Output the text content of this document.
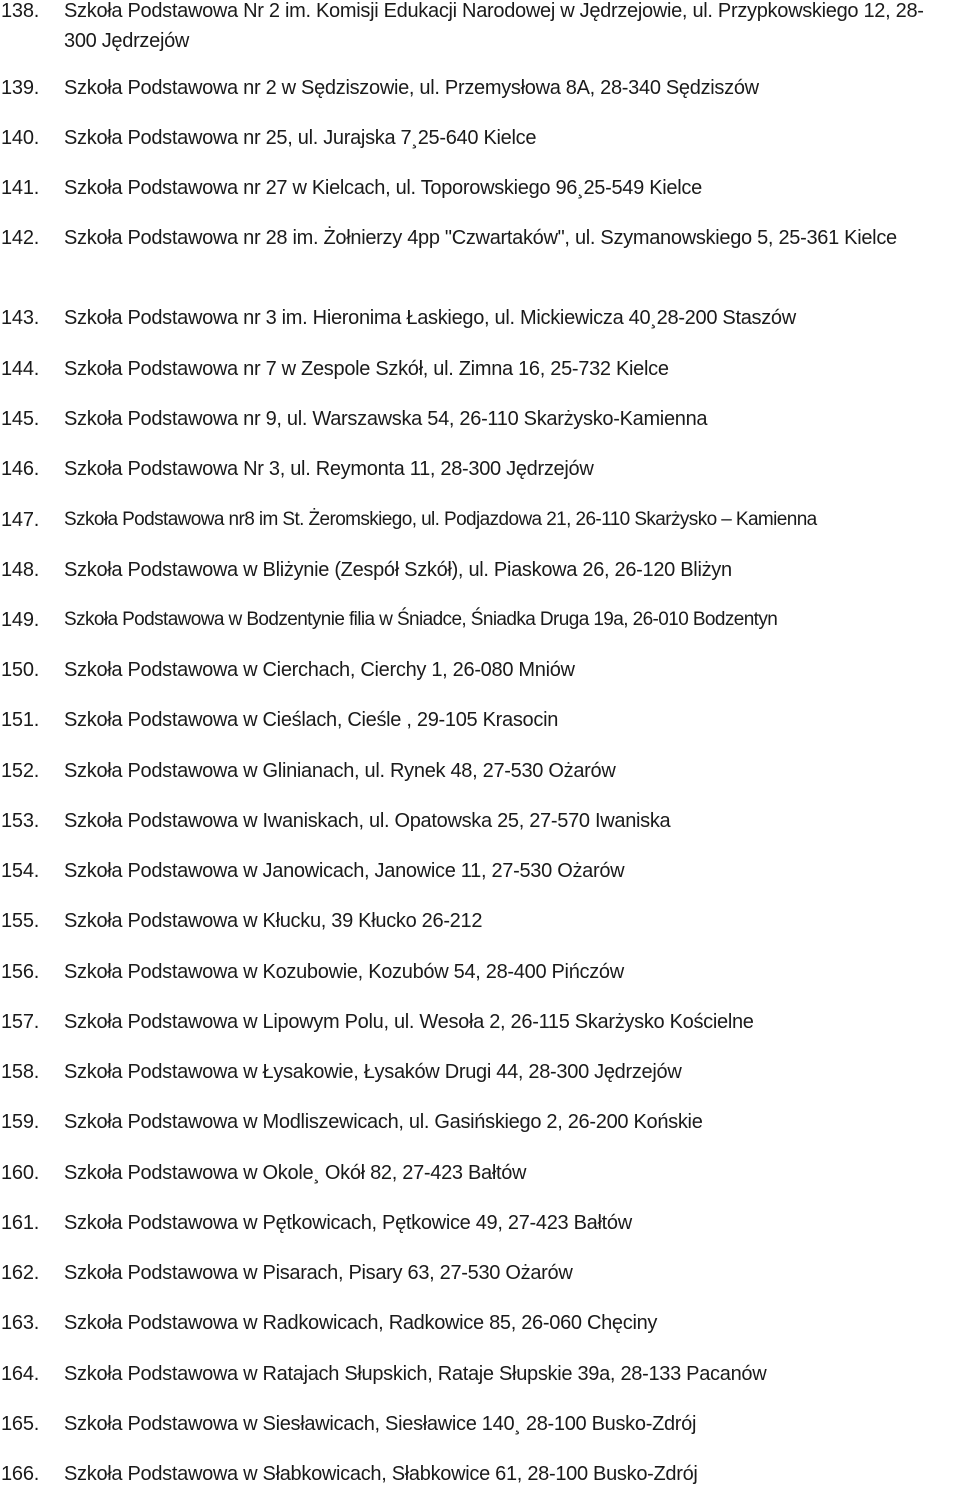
138.	Szkoła Podstawowa Nr 2 im. Komisji Edukacji Narodowej w Jędrzejowie, ul. Przypkowskiego 12, 28-300 Jędrzejów
139.	Szkoła Podstawowa nr 2 w Sędziszowie, ul. Przemysłowa 8A, 28-340 Sędziszów
140.	Szkoła Podstawowa nr 25, ul. Jurajska 7¸25-640 Kielce
141.	Szkoła Podstawowa nr 27 w Kielcach, ul. Toporowskiego 96¸25-549 Kielce
142.	Szkoła Podstawowa nr 28 im. Żołnierzy 4pp "Czwartaków", ul. Szymanowskiego 5, 25-361 Kielce
143.	Szkoła Podstawowa nr 3 im. Hieronima Łaskiego, ul. Mickiewicza 40¸28-200 Staszów
144.	Szkoła Podstawowa nr 7 w Zespole Szkół, ul. Zimna 16, 25-732 Kielce
145.	Szkoła Podstawowa nr 9, ul. Warszawska 54, 26-110 Skarżysko-Kamienna
146.	Szkoła Podstawowa Nr 3, ul. Reymonta 11, 28-300 Jędrzejów
147.	Szkoła Podstawowa nr8 im St. Żeromskiego, ul. Podjazdowa 21, 26-110 Skarżysko – Kamienna
148.	Szkoła Podstawowa w Bliżynie (Zespół Szkół), ul. Piaskowa 26, 26-120 Bliżyn
149.	Szkoła Podstawowa w Bodzentynie filia w Śniadce, Śniadka Druga 19a, 26-010 Bodzentyn
150.	Szkoła Podstawowa w Cierchach, Cierchy 1, 26-080 Mniów
151.	Szkoła Podstawowa w Cieślach, Cieśle , 29-105 Krasocin
152.	Szkoła Podstawowa w Glinianach, ul. Rynek 48, 27-530 Ożarów
153.	Szkoła Podstawowa w Iwaniskach, ul. Opatowska 25, 27-570 Iwaniska
154.	Szkoła Podstawowa w Janowicach, Janowice 11, 27-530 Ożarów
155.	Szkoła Podstawowa w Kłucku, 39 Kłucko 26-212
156.	Szkoła Podstawowa w Kozubowie, Kozubów 54, 28-400 Pińczów
157.	Szkoła Podstawowa w Lipowym Polu, ul. Wesoła 2, 26-115 Skarżysko Kościelne
158.	Szkoła Podstawowa w Łysakowie, Łysaków Drugi 44, 28-300 Jędrzejów
159.	Szkoła Podstawowa w Modliszewicach, ul. Gasińskiego 2, 26-200 Końskie
160.	Szkoła Podstawowa w Okole¸ Okół 82, 27-423 Bałtów
161.	Szkoła Podstawowa w Pętkowicach, Pętkowice 49, 27-423 Bałtów
162.	Szkoła Podstawowa w Pisarach, Pisary 63, 27-530 Ożarów
163.	Szkoła Podstawowa w Radkowicach, Radkowice 85, 26-060 Chęciny
164.	Szkoła Podstawowa w Ratajach Słupskich, Rataje Słupskie 39a, 28-133 Pacanów
165.	Szkoła Podstawowa w Siesławicach, Siesławice 140¸ 28-100 Busko-Zdrój
166.	Szkoła Podstawowa w Słabkowicach, Słabkowice 61, 28-100 Busko-Zdrój
